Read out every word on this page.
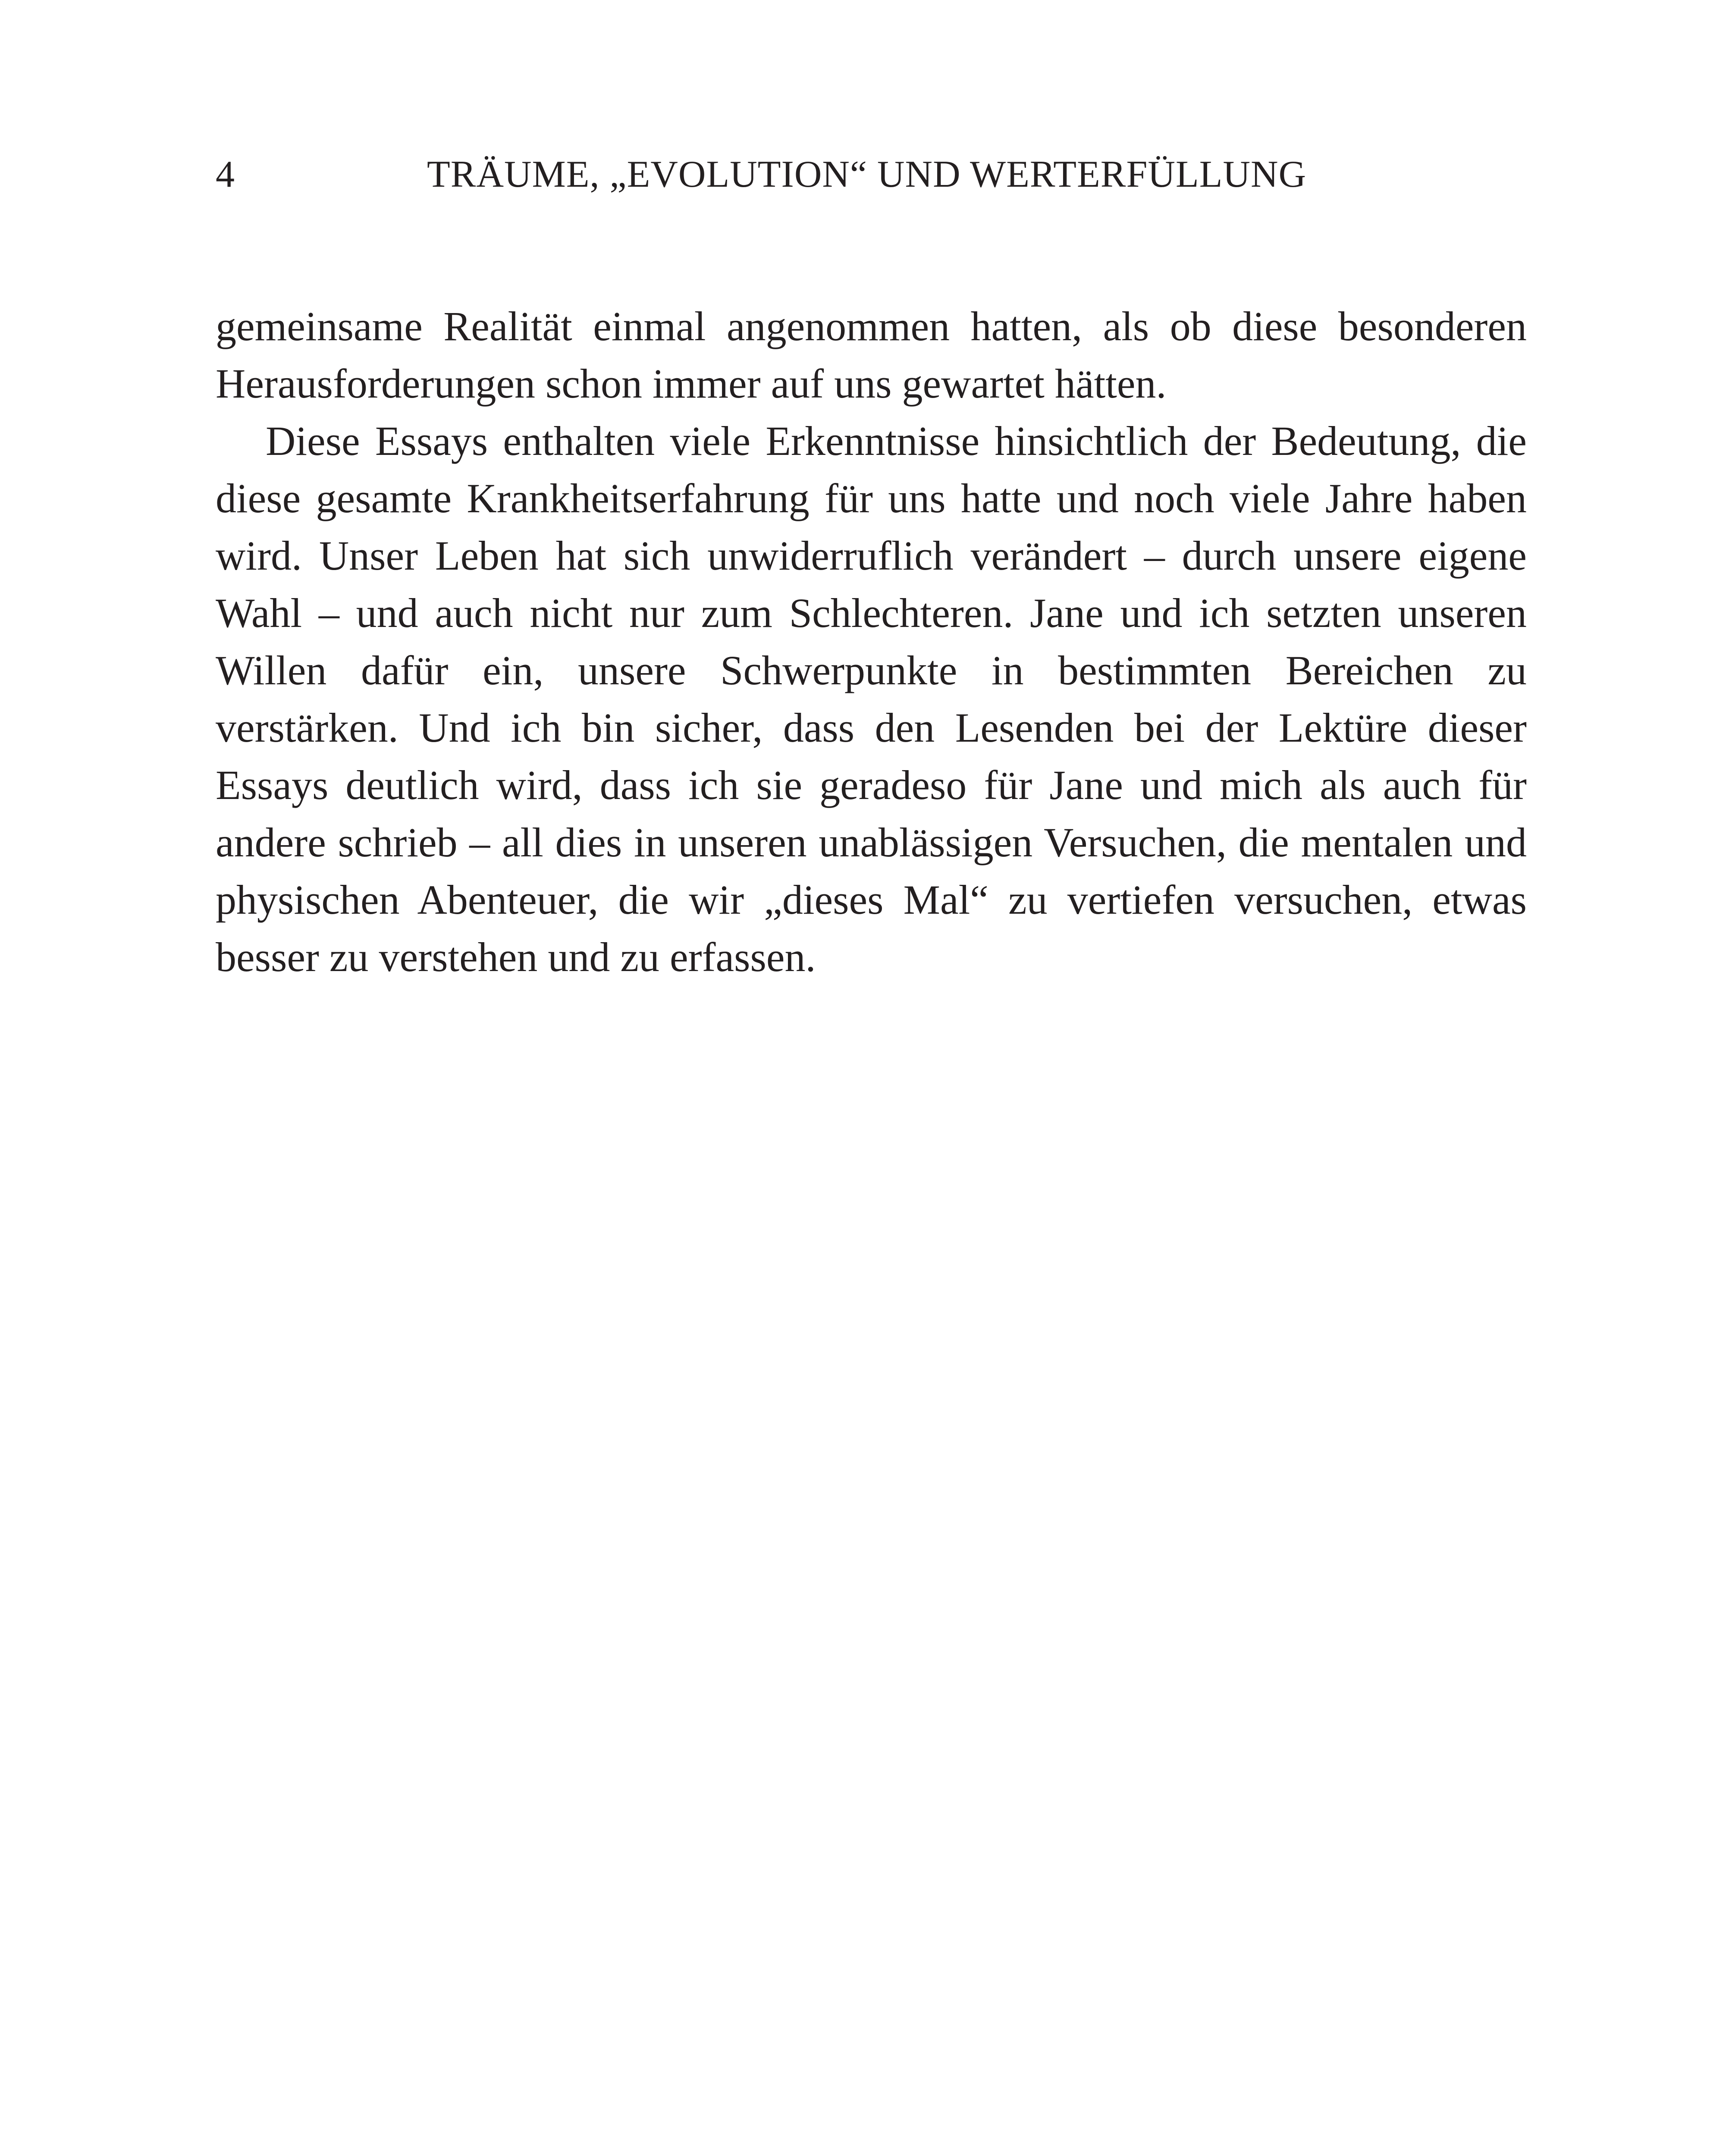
4	TRÄUME, „EVOLUTION“ UND WERTERFÜLLUNG

gemeinsame Realität einmal angenommen hatten, als ob diese besonderen Herausforderungen schon immer auf uns gewartet hätten.

Diese Essays enthalten viele Erkenntnisse hinsichtlich der Bedeutung, die diese gesamte Krankheitserfahrung für uns hatte und noch viele Jahre haben wird. Unser Leben hat sich unwiderruflich verändert – durch unsere eigene Wahl – und auch nicht nur zum Schlechteren. Jane und ich setzten unseren Willen dafür ein, unsere Schwerpunkte in bestimmten Bereichen zu verstärken. Und ich bin sicher, dass den Lesenden bei der Lektüre dieser Essays deutlich wird, dass ich sie geradeso für Jane und mich als auch für andere schrieb – all dies in unseren unablässigen Versuchen, die mentalen und physischen Abenteuer, die wir „dieses Mal“ zu vertiefen versuchen, etwas besser zu verstehen und zu erfassen.
